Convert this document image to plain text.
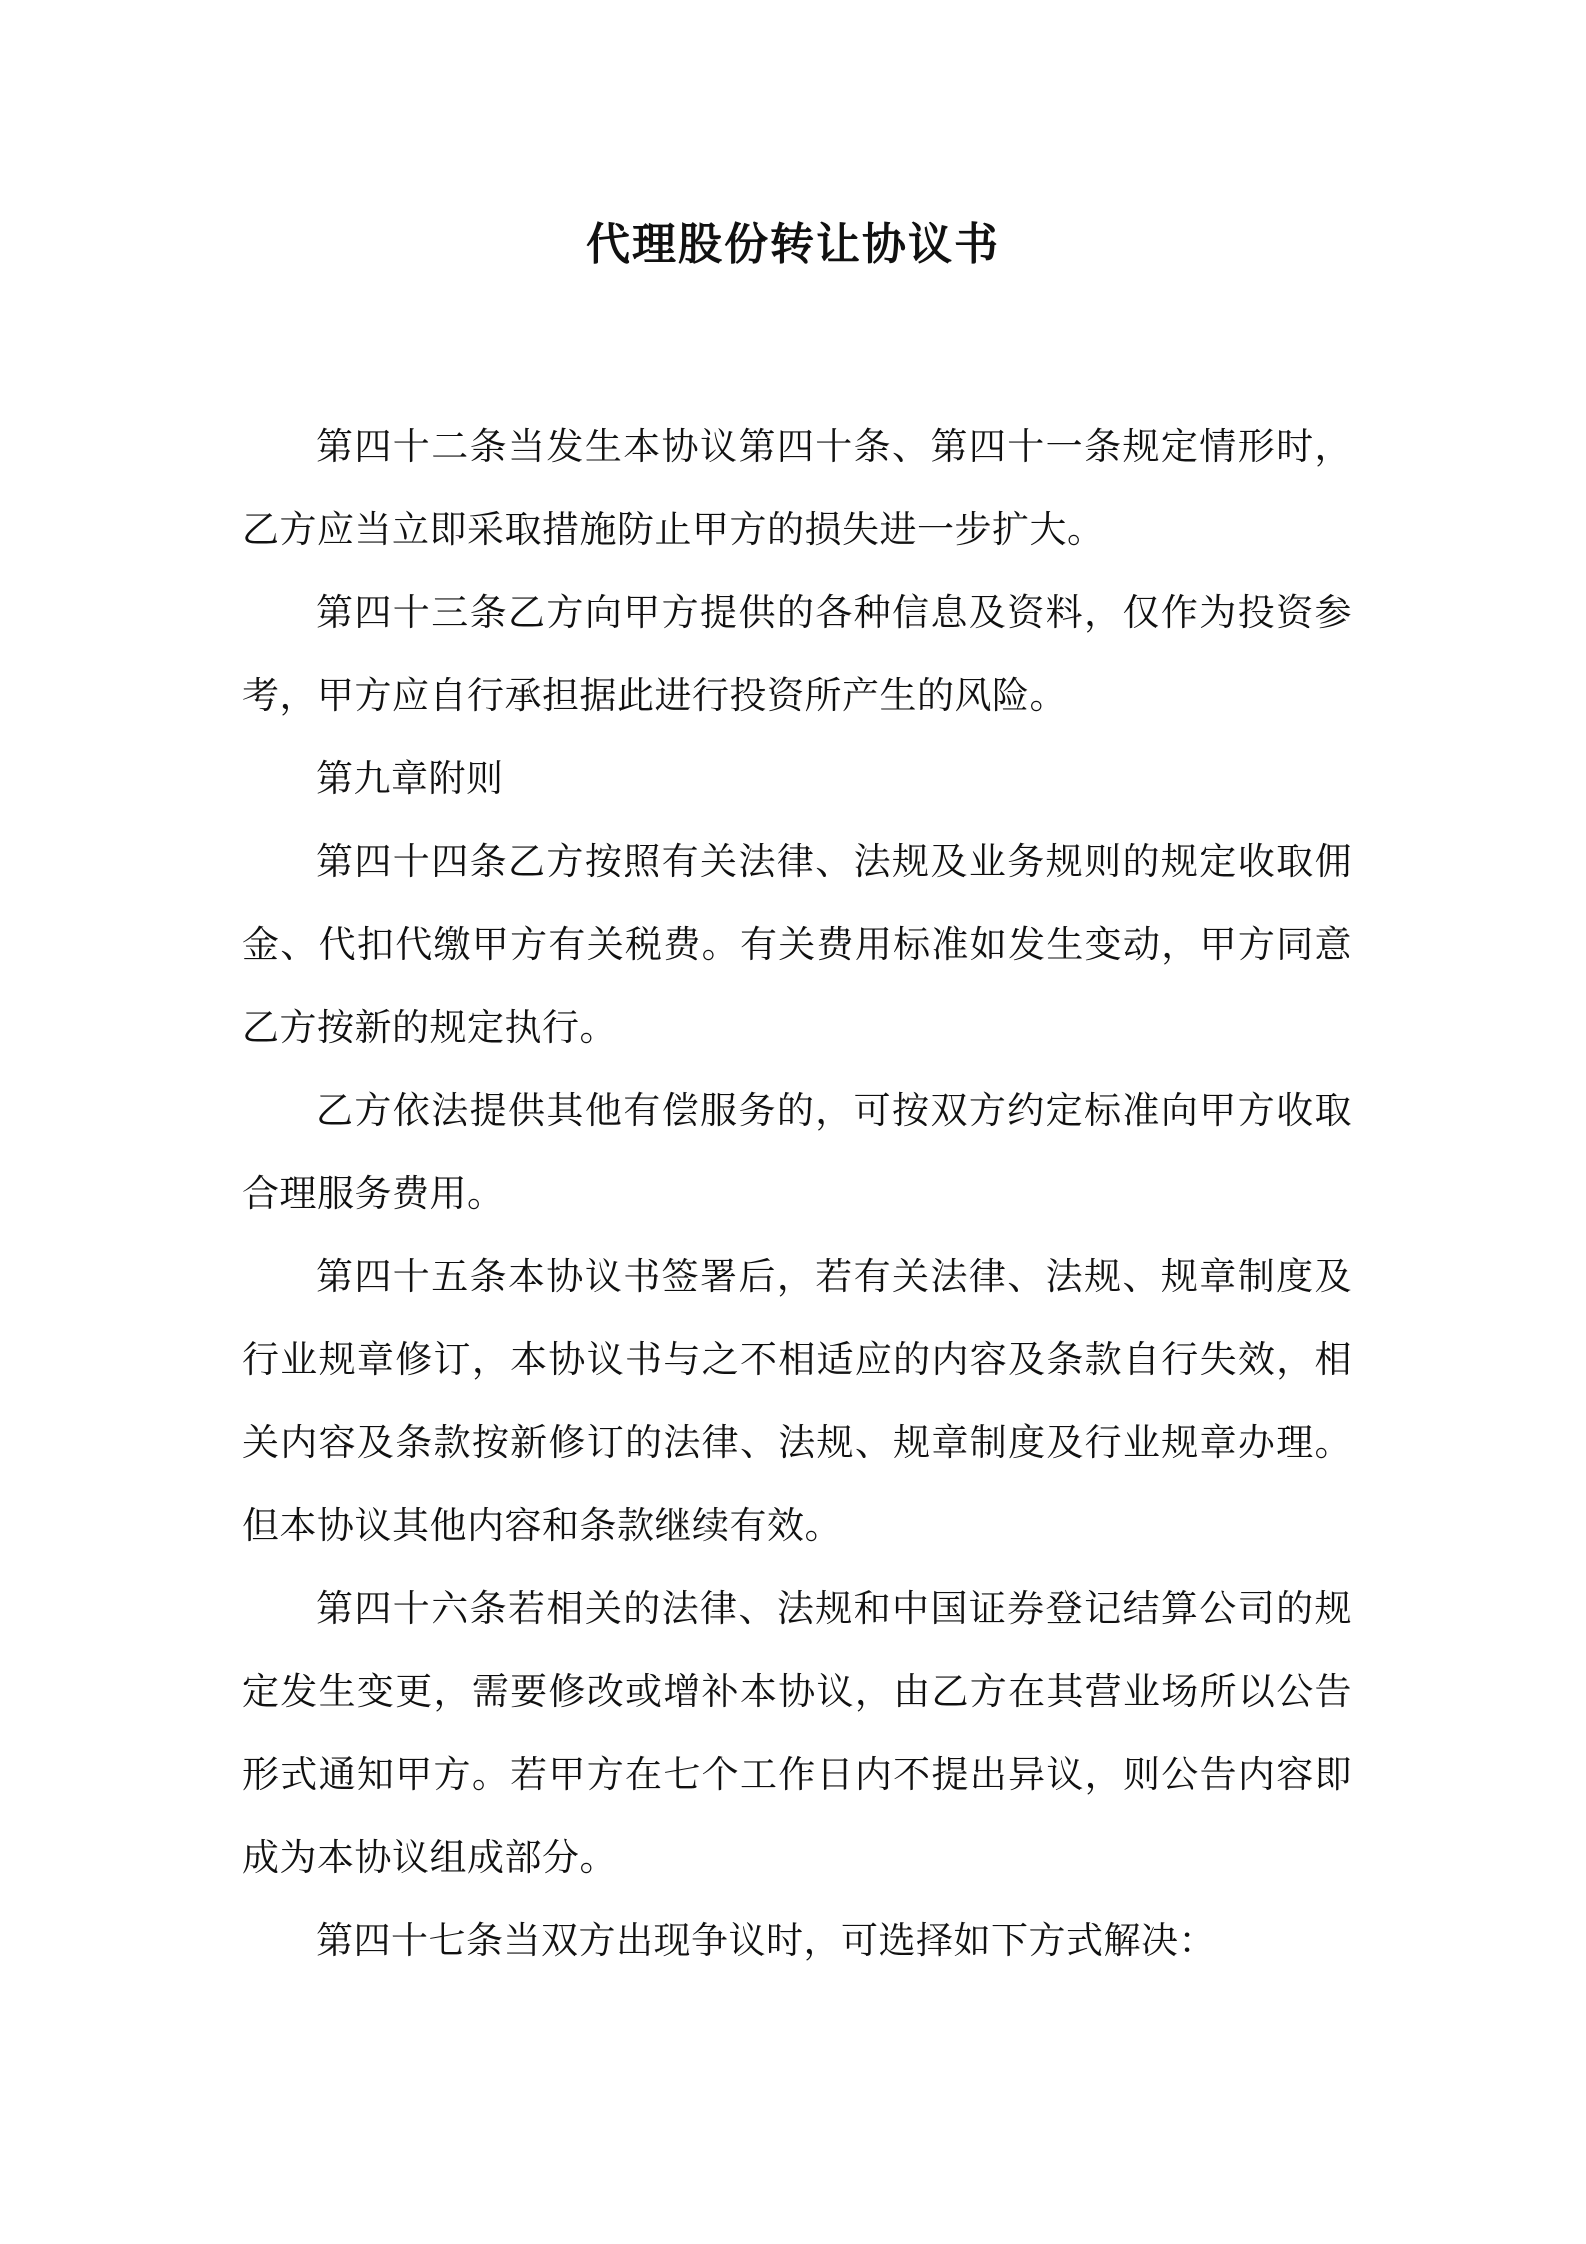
代理股份转让协议书

第四十二条当发生本协议第四十条、第四十一条规定情形时，乙方应当立即采取措施防止甲方的损失进一步扩大。

第四十三条乙方向甲方提供的各种信息及资料，仅作为投资参考，甲方应自行承担据此进行投资所产生的风险。

第九章附则

第四十四条乙方按照有关法律、法规及业务规则的规定收取佣金、代扣代缴甲方有关税费。有关费用标准如发生变动，甲方同意乙方按新的规定执行。

乙方依法提供其他有偿服务的，可按双方约定标准向甲方收取合理服务费用。

第四十五条本协议书签署后，若有关法律、法规、规章制度及行业规章修订，本协议书与之不相适应的内容及条款自行失效，相关内容及条款按新修订的法律、法规、规章制度及行业规章办理。但本协议其他内容和条款继续有效。

第四十六条若相关的法律、法规和中国证券登记结算公司的规定发生变更，需要修改或增补本协议，由乙方在其营业场所以公告形式通知甲方。若甲方在七个工作日内不提出异议，则公告内容即成为本协议组成部分。

第四十七条当双方出现争议时，可选择如下方式解决：
